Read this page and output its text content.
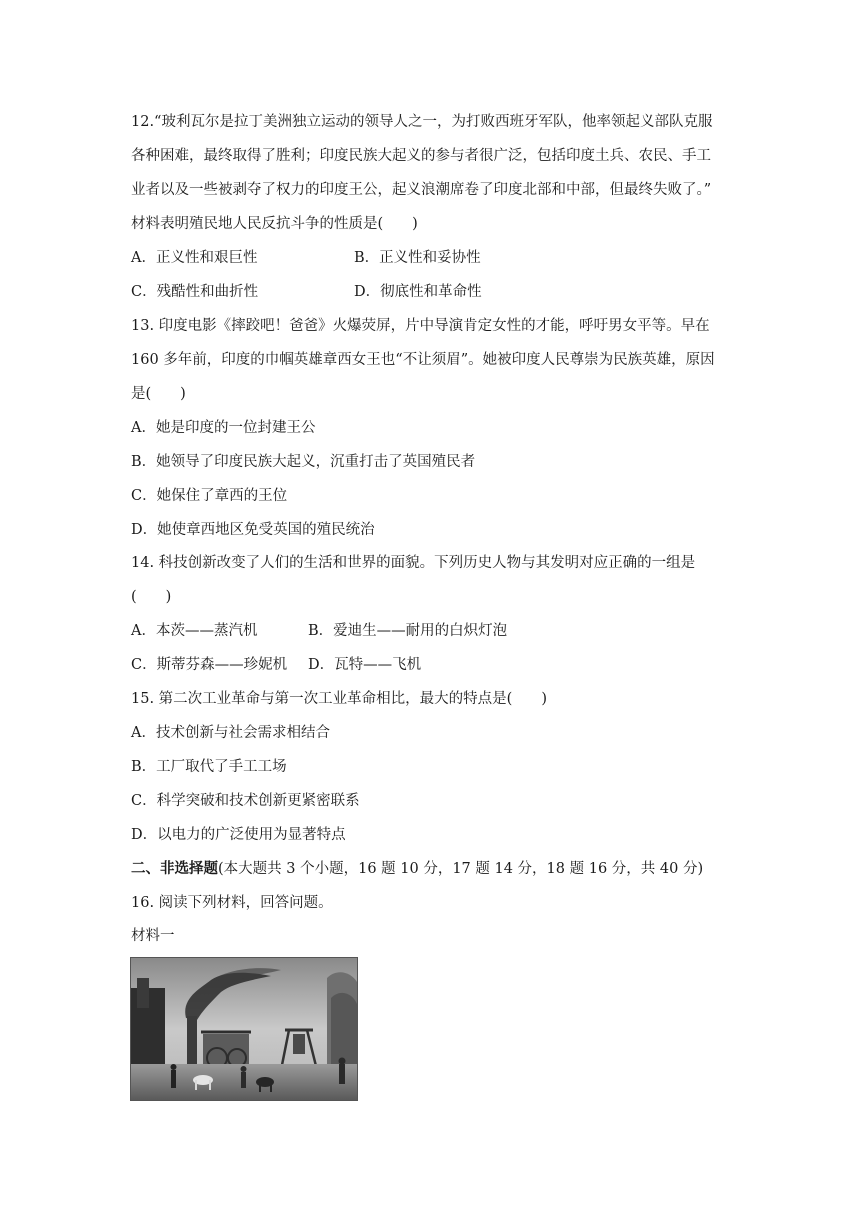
12.“玻利瓦尔是拉丁美洲独立运动的领导人之一，为打败西班牙军队，他率领起义部队克服
各种困难，最终取得了胜利；印度民族大起义的参与者很广泛，包括印度土兵、农民、手工
业者以及一些被剥夺了权力的印度王公，起义浪潮席卷了印度北部和中部，但最终失败了。”
材料表明殖民地人民反抗斗争的性质是(　　)
A．正义性和艰巨性	B．正义性和妥协性
C．残酷性和曲折性	D．彻底性和革命性
13. 印度电影《摔跤吧！爸爸》火爆荧屏，片中导演肯定女性的才能，呼吁男女平等。早在
160 多年前，印度的巾帼英雄章西女王也“不让须眉”。她被印度人民尊崇为民族英雄，原因
是(　　)
A．她是印度的一位封建王公
B．她领导了印度民族大起义，沉重打击了英国殖民者
C．她保住了章西的王位
D．她使章西地区免受英国的殖民统治
14. 科技创新改变了人们的生活和世界的面貌。下列历史人物与其发明对应正确的一组是
(　　)
A．本茨——蒸汽机	B．爱迪生——耐用的白炽灯泡
C．斯蒂芬森——珍妮机	D．瓦特——飞机
15. 第二次工业革命与第一次工业革命相比，最大的特点是(　　)
A．技术创新与社会需求相结合
B．工厂取代了手工工场
C．科学突破和技术创新更紧密联系
D．以电力的广泛使用为显著特点
二、非选择题(本大题共 3 个小题，16 题 10 分，17 题 14 分，18 题 16 分，共 40 分)
16. 阅读下列材料，回答问题。
材料一
